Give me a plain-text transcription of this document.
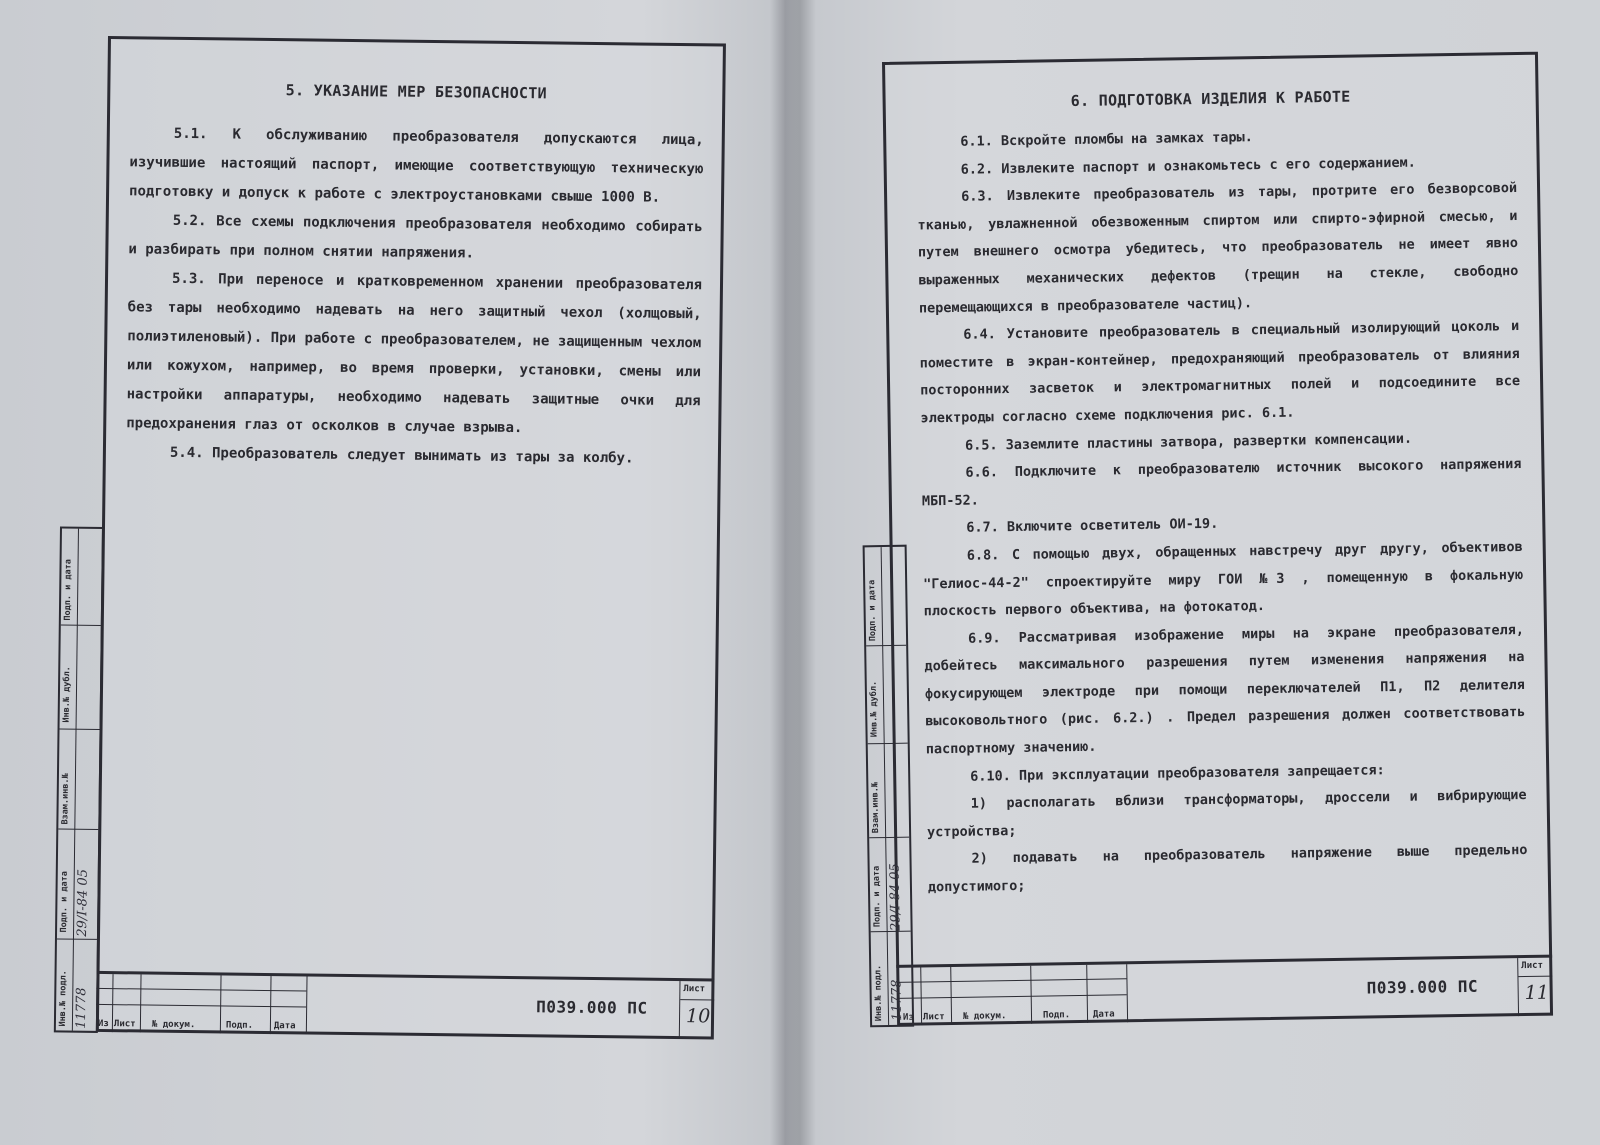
5. УКАЗАНИЕ МЕР БЕЗОПАСНОСТИ

5.1. К обслуживанию преобразователя допускаются лица, изучившие настоящий паспорт, имеющие соответствующую техническую подготовку и допуск к работе с электроустановками свыше 1000 В.

5.2. Все схемы подключения преобразователя необходимо собирать и разбирать при полном снятии напряжения.

5.3. При переносе и кратковременном хранении преобразователя без тары необходимо надевать на него защитный чехол (холщовый, полиэтиленовый). При работе с преобразователем, не защищенным чехлом или кожухом, например, во время проверки, установки, смены или настройки аппаратуры, необходимо надевать защитные очки для предохранения глаз от осколков в случае взрыва.

5.4. Преобразователь следует вынимать из тары за колбу.

Подп. и дата
Инв.№ дубл.
Взам.инв.№
Подп. и дата
Инв.№ подл.
29/I-84 05
11778 Из Лист № докум.	Подп. Дата
П039.000 ПС
Лист
10
6. ПОДГОТОВКА ИЗДЕЛИЯ К РАБОТЕ

6.1. Вскройте пломбы на замках тары.

6.2. Извлеките паспорт и ознакомьтесь с его содержанием.

6.3. Извлеките преобразователь из тары, протрите его безворсовой тканью, увлажненной обезвоженным спиртом или спирто-эфирной смесью, и путем внешнего осмотра убедитесь, что преобразователь не имеет явно выраженных механических дефектов (трещин на стекле, свободно перемещающихся в преобразователе частиц).

6.4. Установите преобразователь в специальный изолирующий цоколь и поместите в экран-контейнер, предохраняющий преобразователь от влияния посторонних засветок и электромагнитных полей и подсоедините все электроды согласно схеме подключения рис. 6.1.

6.5. Заземлите пластины затвора, развертки компенсации.

6.6. Подключите к преобразователю источник высокого напряжения МБП-52.

6.7. Включите осветитель ОИ-19.

6.8. С помощью двух, обращенных навстречу друг другу, объективов "Гелиос-44-2" спроектируйте миру ГОИ №3 , помещенную в фокальную плоскость первого объектива, на фотокатод.

6.9. Рассматривая изображение миры на экране преобразователя, добейтесь максимального разрешения путем изменения напряжения на фокусирующем электроде при помощи переключателей П1, П2 делителя высоковольтного (рис. 6.2.) . Предел разрешения должен соответствовать паспортному значению.

6.10. При эксплуатации преобразователя запрещается:

1) располагать вблизи трансформаторы, дроссели и вибрирующие устройства;

2) подавать на преобразователь напряжение выше предельно допустимого;

Подп. и дата
Инв.№ дубл.
Взам.инв.№
Подп. и дата
Инв.№ подл.
29/I-84 05
11778
Из Лист № докум.	Подп.	Дата
П039.000 ПС
Лист
11
